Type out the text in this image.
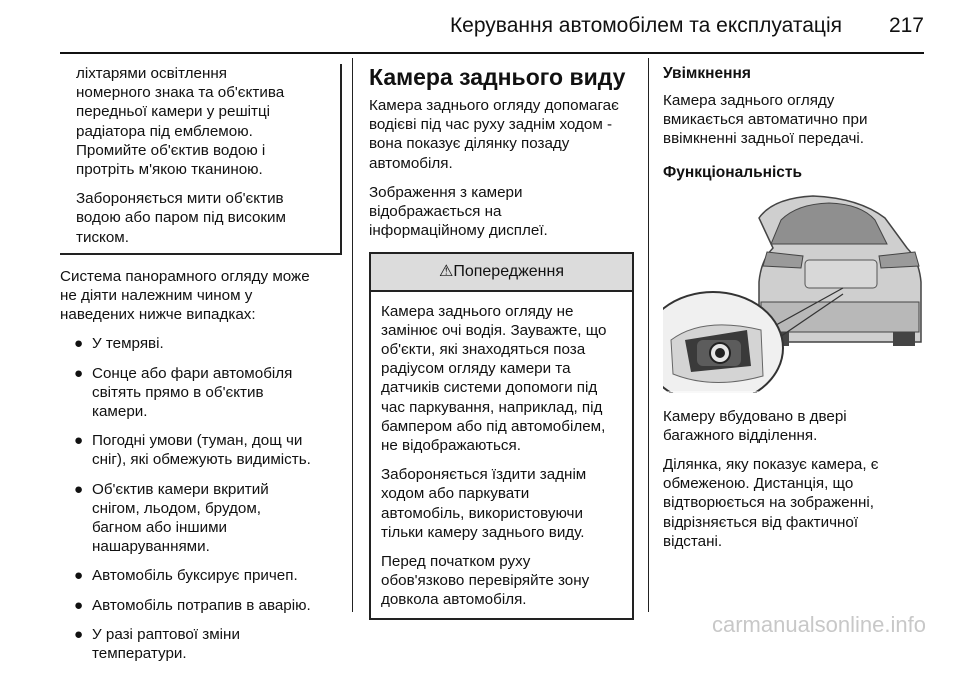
Керування автомобілем та експлуатація 217

ліхтарями освітлення
номерного знака та об'єктива
передньої камери у решітці
радіатора під емблемою.
Промийте об'єктив водою і
протріть м'якою тканиною.

Забороняється мити об'єктив
водою або паром під високим
тиском.

Система панорамного огляду може
не діяти належним чином у
наведених нижче випадках:

● У темряві.
● Сонце або фари автомобіля
світять прямо в об'єктив
камери.
● Погодні умови (туман, дощ чи
сніг), які обмежують видимість.
● Об'єктив камери вкритий
снігом, льодом, брудом,
багном або іншими
нашаруваннями.
● Автомобіль буксирує причеп.
● Автомобіль потрапив в аварію.
● У разі раптової зміни
температури.
Камера заднього виду

Камера заднього огляду допомагає
водієві під час руху заднім ходом -
вона показує ділянку позаду
автомобіля.

Зображення з камери
відображається на
інформаційному дисплеї.

⚠Попередження

Камера заднього огляду не
замінює очі водія. Зауважте, що
об'єкти, які знаходяться поза
радіусом огляду камери та
датчиків системи допомоги під
час паркування, наприклад, під
бампером або під автомобілем,
не відображаються.

Забороняється їздити заднім
ходом або паркувати
автомобіль, використовуючи
тільки камеру заднього виду.

Перед початком руху
обов'язково перевіряйте зону
довкола автомобіля.

Увімкнення

Камера заднього огляду
вмикається автоматично при
ввімкненні задньої передачі.

Функціональність

Камеру вбудовано в двері
багажного відділення.

Ділянка, яку показує камера, є
обмеженою. Дистанція, що
відтворюється на зображенні,
відрізняється від фактичної
відстані.

carmanualsonline.info
